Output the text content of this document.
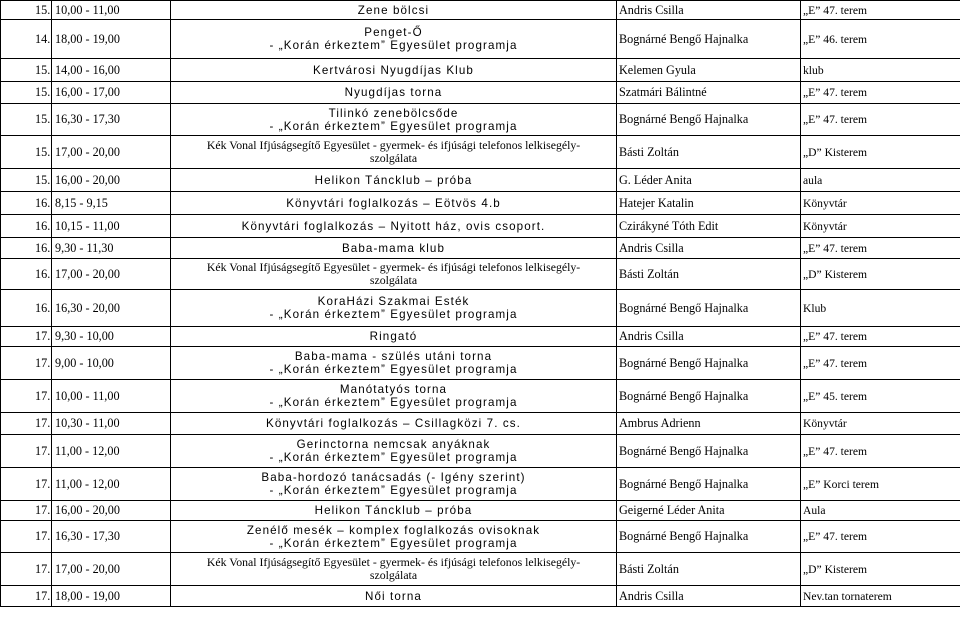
15.	10,00 - 11,00	Zene bölcsi	Andris Csilla	„E” 47. terem
14.	18,00 - 19,00	Penget-Ő
- „Korán érkeztem” Egyesület programja	Bognárné Bengő Hajnalka	„E” 46. terem
15.	14,00 - 16,00	Kertvárosi Nyugdíjas Klub	Kelemen Gyula	klub
15.	16,00 - 17,00	Nyugdíjas torna	Szatmári Bálintné	„E” 47. terem
15.	16,30 - 17,30	Tilinkó zenebölcsőde
- „Korán érkeztem” Egyesület programja	Bognárné Bengő Hajnalka	„E” 47. terem
15.	17,00 - 20,00	Kék Vonal Ifjúságsegítő Egyesület - gyermek- és ifjúsági telefonos lelkisegély-
szolgálata	Básti Zoltán	„D” Kisterem
15.	16,00 - 20,00	Helikon Táncklub – próba	G. Léder Anita	aula
16.	8,15 - 9,15	Könyvtári foglalkozás – Eötvös 4.b	Hatejer Katalin	Könyvtár
16.	10,15 - 11,00	Könyvtári foglalkozás – Nyitott ház, ovis csoport.	Czirákyné Tóth Edit	Könyvtár
16.	9,30 - 11,30	Baba-mama klub	Andris Csilla	„E” 47. terem
16.	17,00 - 20,00	Kék Vonal Ifjúságsegítő Egyesület - gyermek- és ifjúsági telefonos lelkisegély-
szolgálata	Básti Zoltán	„D” Kisterem
16.	16,30 - 20,00	KoraHázi Szakmai Esték
- „Korán érkeztem” Egyesület programja	Bognárné Bengő Hajnalka	Klub
17.	9,30 - 10,00	Ringató	Andris Csilla	„E” 47. terem
17.	9,00 - 10,00	Baba-mama - szülés utáni torna
- „Korán érkeztem” Egyesület programja	Bognárné Bengő Hajnalka	„E” 47. terem
17.	10,00 - 11,00	Manótatyós torna
- „Korán érkeztem” Egyesület programja	Bognárné Bengő Hajnalka	„E” 45. terem
17.	10,30 - 11,00	Könyvtári foglalkozás – Csillagközi 7. cs.	Ambrus Adrienn	Könyvtár
17.	11,00 - 12,00	Gerinctorna nemcsak anyáknak
- „Korán érkeztem” Egyesület programja	Bognárné Bengő Hajnalka	„E” 47. terem
17.	11,00 - 12,00	Baba-hordozó tanácsadás (- Igény szerint)
- „Korán érkeztem” Egyesület programja	Bognárné Bengő Hajnalka	„E” Korci terem
17.	16,00 - 20,00	Helikon Táncklub – próba	Geigerné Léder Anita	Aula
17.	16,30 - 17,30	Zenélő mesék – komplex foglalkozás ovisoknak
- „Korán érkeztem” Egyesület programja	Bognárné Bengő Hajnalka	„E” 47. terem
17.	17,00 - 20,00	Kék Vonal Ifjúságsegítő Egyesület - gyermek- és ifjúsági telefonos lelkisegély-
szolgálata	Básti Zoltán	„D” Kisterem
17.	18,00 - 19,00	Női torna	Andris Csilla	Nev.tan tornaterem
